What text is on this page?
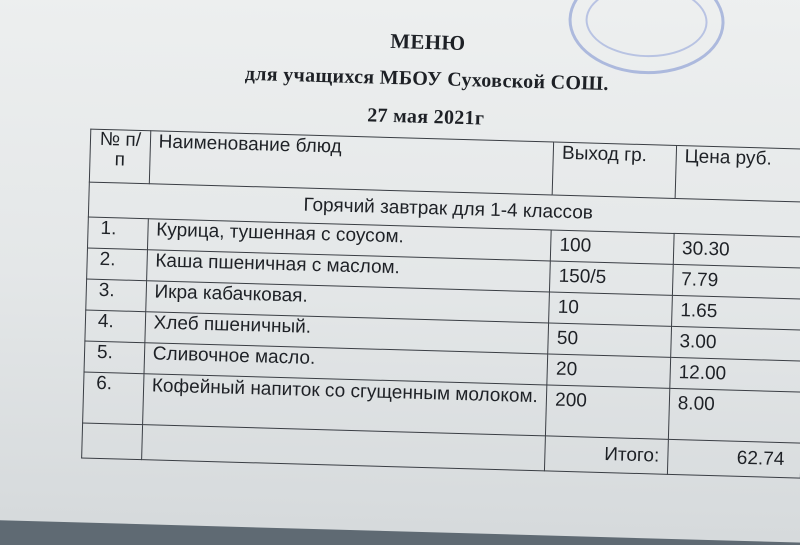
МЕНЮ
для учащихся МБОУ Суховской СОШ.
27 мая 2021г
№ п/п	Наименование блюд	Выход гр.	Цена руб.
Горячий завтрак для 1-4 классов			
1.	Курица, тушенная с соусом.	100	30.30
2.	Каша пшеничная с маслом.	150/5	7.79
3.	Икра кабачковая.	10	1.65
4.	Хлеб пшеничный.	50	3.00
5.	Сливочное масло.	20	12.00
6.	Кофейный напиток со сгущенным молоком.	200	8.00
		Итого:	62.74
